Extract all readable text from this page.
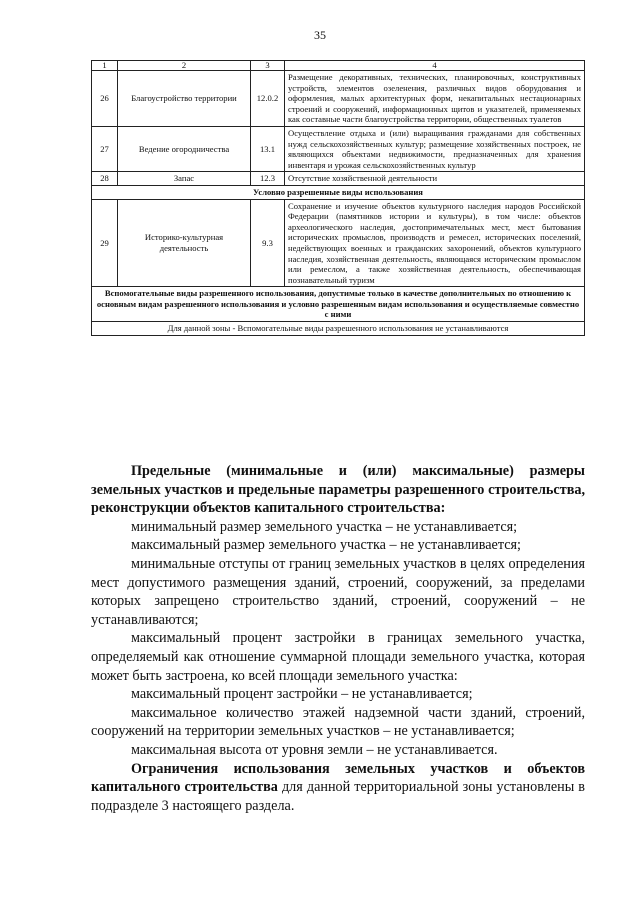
35
1	2	3	4
26	Благоустройство территории	12.0.2	Размещение декоративных, технических, планировочных, конструктивных устройств, элементов озеленения, различных видов оборудования и оформления, малых архитектурных форм, некапитальных нестационарных строений и сооружений, информационных щитов и указателей, применяемых как составные части благоустройства территории, общественных туалетов
27	Ведение огородничества	13.1	Осуществление отдыха и (или) выращивания гражданами для собственных нужд сельскохозяйственных культур; размещение хозяйственных построек, не являющихся объектами недвижимости, предназначенных для хранения инвентаря и урожая сельскохозяйственных культур
28	Запас	12.3	Отсутствие хозяйственной деятельности
Условно разрешенные виды использования			
29	Историко-культурная деятельность	9.3	Сохранение и изучение объектов культурного наследия народов Российской Федерации (памятников истории и культуры), в том числе: объектов археологического наследия, достопримечательных мест, мест бытования исторических промыслов, производств и ремесел, исторических поселений, недействующих военных и гражданских захоронений, объектов культурного наследия, хозяйственная деятельность, являющаяся историческим промыслом или ремеслом, а также хозяйственная деятельность, обеспечивающая познавательный туризм
Вспомогательные виды разрешенного использования, допустимые только в качестве дополнительных по отношению к основным видам разрешенного использования и условно разрешенным видам использования и осуществляемые совместно с ними			
Для данной зоны - Вспомогательные виды разрешенного использования не устанавливаются			

Предельные (минимальные и (или) максимальные) размеры земельных участков и предельные параметры разрешенного строительства, реконструкции объектов капитального строительства:

минимальный размер земельного участка – не устанавливается;

максимальный размер земельного участка – не устанавливается;

минимальные отступы от границ земельных участков в целях определения мест допустимого размещения зданий, строений, сооружений, за пределами которых запрещено строительство зданий, строений, сооружений – не устанавливаются;

максимальный процент застройки в границах земельного участка, определяемый как отношение суммарной площади земельного участка, которая может быть застроена, ко всей площади земельного участка:

максимальный процент застройки – не устанавливается;

максимальное количество этажей надземной части зданий, строений, сооружений на территории земельных участков – не устанавливается;

максимальная высота от уровня земли – не устанавливается.

Ограничения использования земельных участков и объектов капитального строительства для данной территориальной зоны установлены в подразделе 3 настоящего раздела.
